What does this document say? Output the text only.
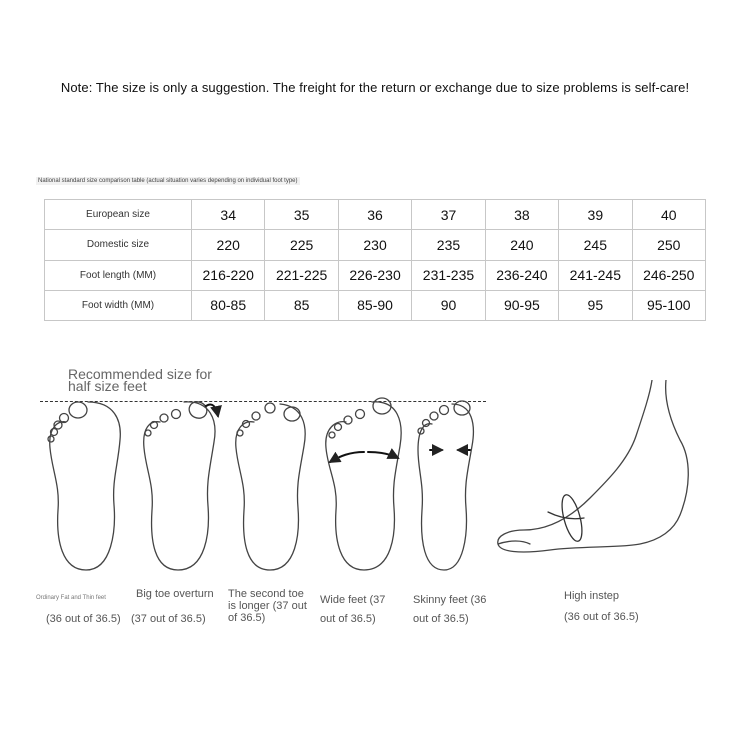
Note: The size is only a suggestion. The freight for the return or exchange due to size problems is self-care!
National standard size comparison table (actual situation varies depending on individual foot type)
European size	34	35	36	37	38	39	40
Domestic size	220	225	230	235	240	245	250
Foot length (MM)	216-220	221-225	226-230	231-235	236-240	241-245	246-250
Foot width (MM)	80-85	85	85-90	90	90-95	95	95-100
Recommended size for
half size feet
Ordinary Fat and Thin feet
(36 out of 36.5)
Big toe overturn
(37 out of 36.5)
The second toe is longer (37 out of 36.5)
Wide feet (37 out of 36.5)
Skinny feet (36 out of 36.5)
High instep
(36 out of 36.5)
